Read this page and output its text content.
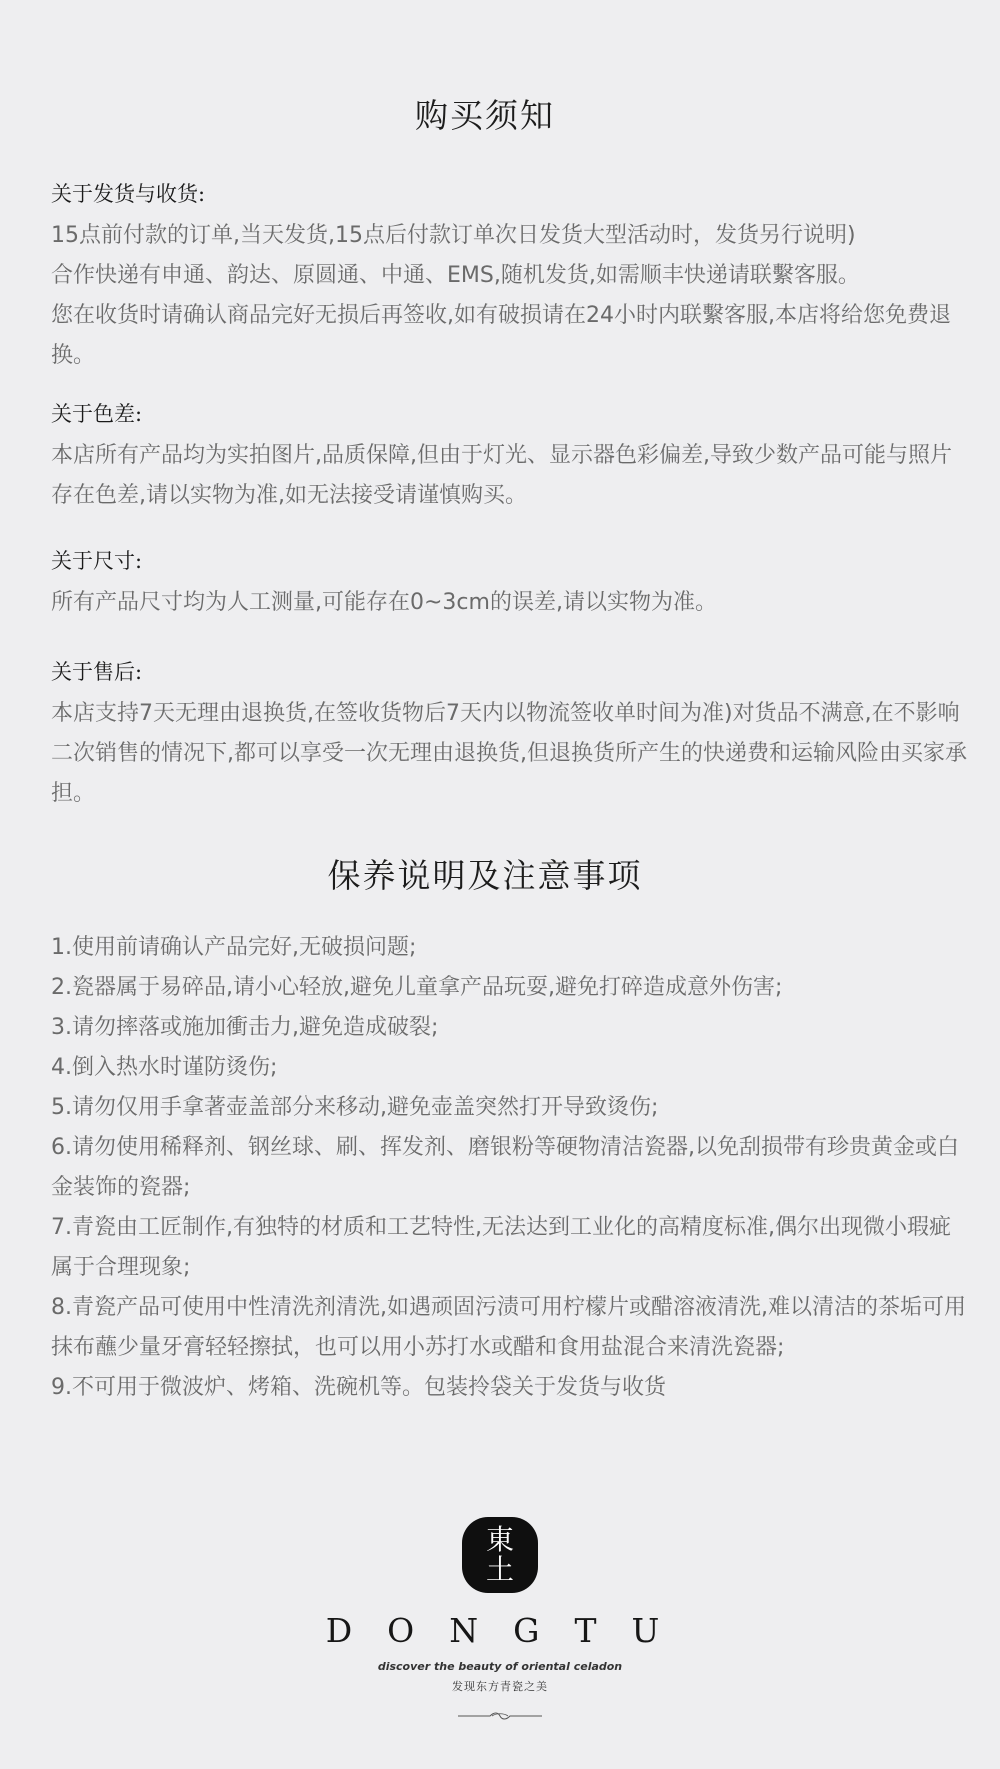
购买须知
关于发货与收货:
15点前付款的订单,当天发货,15点后付款订单次日发货大型活动时，发货另行说明)
合作快递有申通、韵达、原圆通、中通、EMS,随机发货,如需顺丰快递请联繫客服。
您在收货时请确认商品完好无损后再签收,如有破损请在24小时内联繫客服,本店将给您免费退
换。
关于色差:
本店所有产品均为实拍图片,品质保障,但由于灯光、显示器色彩偏差,导致少数产品可能与照片
存在色差,请以实物为准,如无法接受请谨慎购买。
关于尺寸:
所有产品尺寸均为人工测量,可能存在0~3cm的误差,请以实物为准。
关于售后:
本店支持7天无理由退换货,在签收货物后7天内以物流签收单时间为准)对货品不满意,在不影响
二次销售的情况下,都可以享受一次无理由退换货,但退换货所产生的快递费和运输风险由买家承
担。
保养说明及注意事项
1.使用前请确认产品完好,无破损问题;
2.瓷器属于易碎品,请小心轻放,避免儿童拿产品玩耍,避免打碎造成意外伤害;
3.请勿摔落或施加衝击力,避免造成破裂;
4.倒入热水时谨防烫伤;
5.请勿仅用手拿著壶盖部分来移动,避免壶盖突然打开导致烫伤;
6.请勿使用稀释剂、钢丝球、刷、挥发剂、磨银粉等硬物清洁瓷器,以免刮损带有珍贵黄金或白
金装饰的瓷器;
7.青瓷由工匠制作,有独特的材质和工艺特性,无法达到工业化的高精度标准,偶尔出现微小瑕疵
属于合理现象;
8.青瓷产品可使用中性清洗剂清洗,如遇顽固污渍可用柠檬片或醋溶液清洗,难以清洁的茶垢可用
抹布蘸少量牙膏轻轻擦拭，也可以用小苏打水或醋和食用盐混合来清洗瓷器;
9.不可用于微波炉、烤箱、洗碗机等。包装拎袋关于发货与收货
東
土
DONGTU
discover the beauty of oriental celadon
发现东方青瓷之美
